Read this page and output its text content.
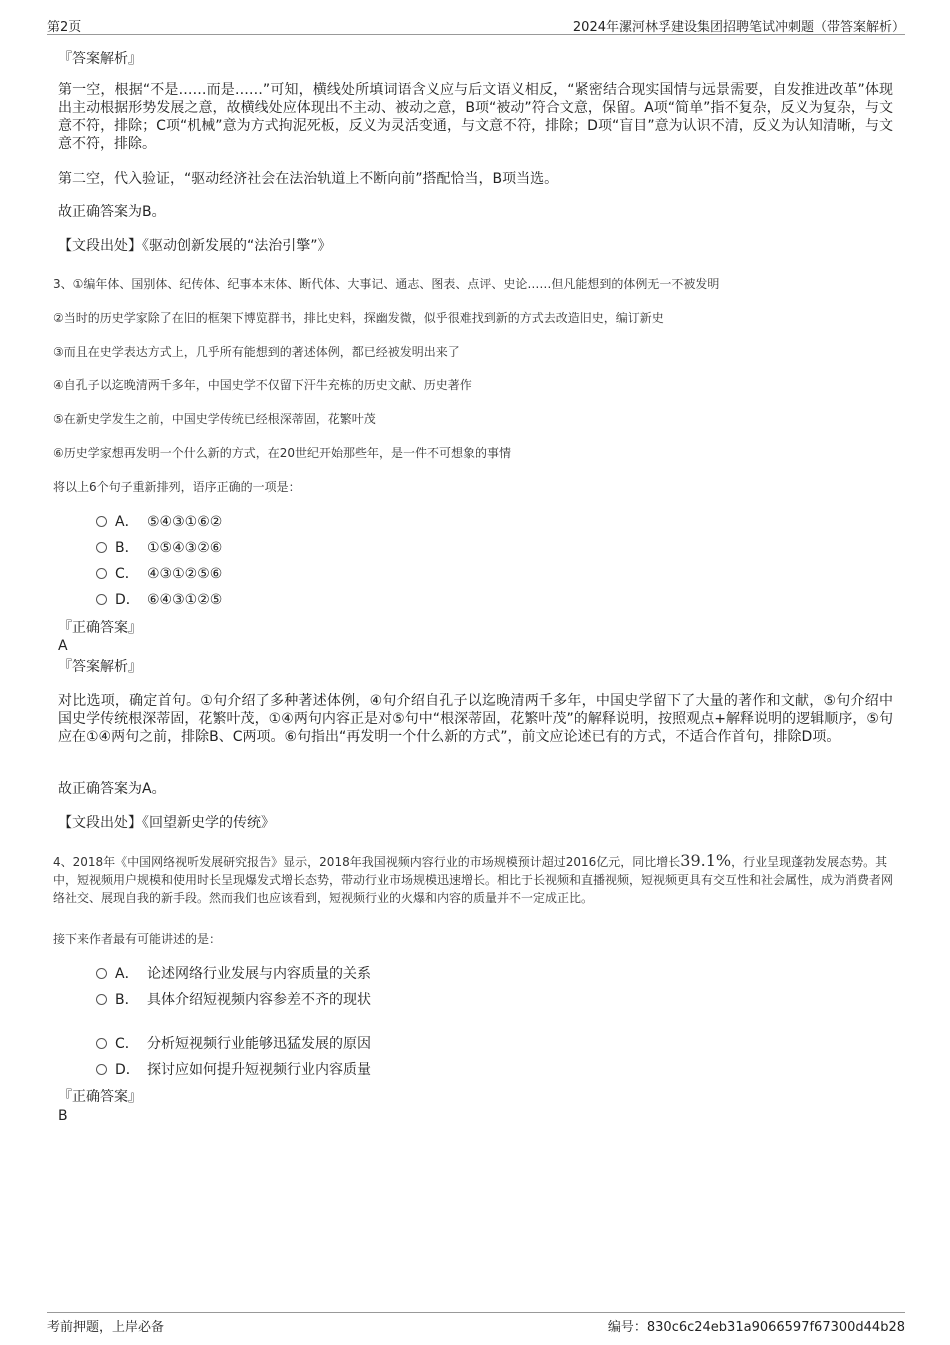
第2页	2024年漯河林孚建设集团招聘笔试冲刺题（带答案解析）
『答案解析』
第一空，根据“不是……而是……”可知，横线处所填词语含义应与后文语义相反，“紧密结合现实国情与远景需要，自发推进改革”体现出主动根据形势发展之意，故横线处应体现出不主动、被动之意，B项“被动”符合文意，保留。A项“简单”指不复杂，反义为复杂，与文意不符，排除；C项“机械”意为方式拘泥死板，反义为灵活变通，与文意不符，排除；D项“盲目”意为认识不清，反义为认知清晰，与文意不符，排除。
第二空，代入验证，“驱动经济社会在法治轨道上不断向前”搭配恰当，B项当选。
故正确答案为B。
【文段出处】《驱动创新发展的“法治引擎”》
3、①编年体、国别体、纪传体、纪事本末体、断代体、大事记、通志、图表、点评、史论……但凡能想到的体例无一不被发明
②当时的历史学家除了在旧的框架下博览群书，排比史料，探幽发微，似乎很难找到新的方式去改造旧史，编订新史
③而且在史学表达方式上，几乎所有能想到的著述体例，都已经被发明出来了
④自孔子以迄晚清两千多年，中国史学不仅留下汗牛充栋的历史文献、历史著作
⑤在新史学发生之前，中国史学传统已经根深蒂固，花繁叶茂
⑥历史学家想再发明一个什么新的方式，在20世纪开始那些年，是一件不可想象的事情
将以上6个句子重新排列，语序正确的一项是：
A． ⑤④③①⑥②
B． ①⑤④③②⑥
C． ④③①②⑤⑥
D． ⑥④③①②⑤
『正确答案』
A
『答案解析』
对比选项，确定首句。①句介绍了多种著述体例，④句介绍自孔子以迄晚清两千多年，中国史学留下了大量的著作和文献，⑤句介绍中国史学传统根深蒂固，花繁叶茂，①④两句内容正是对⑤句中“根深蒂固，花繁叶茂”的解释说明，按照观点+解释说明的逻辑顺序，⑤句应在①④两句之前，排除B、C两项。⑥句指出“再发明一个什么新的方式”，前文应论述已有的方式，不适合作首句，排除D项。
故正确答案为A。
【文段出处】《回望新史学的传统》
4、2018年《中国网络视听发展研究报告》显示，2018年我国视频内容行业的市场规模预计超过2016亿元，同比增长39.1%，行业呈现蓬勃发展态势。其中，短视频用户规模和使用时长呈现爆发式增长态势，带动行业市场规模迅速增长。相比于长视频和直播视频，短视频更具有交互性和社会属性，成为消费者网络社交、展现自我的新手段。然而我们也应该看到，短视频行业的火爆和内容的质量并不一定成正比。
接下来作者最有可能讲述的是：
A． 论述网络行业发展与内容质量的关系
B． 具体介绍短视频内容参差不齐的现状
C． 分析短视频行业能够迅猛发展的原因
D． 探讨应如何提升短视频行业内容质量
『正确答案』
B
考前押题，上岸必备	编号：830c6c24eb31a9066597f67300d44b28
